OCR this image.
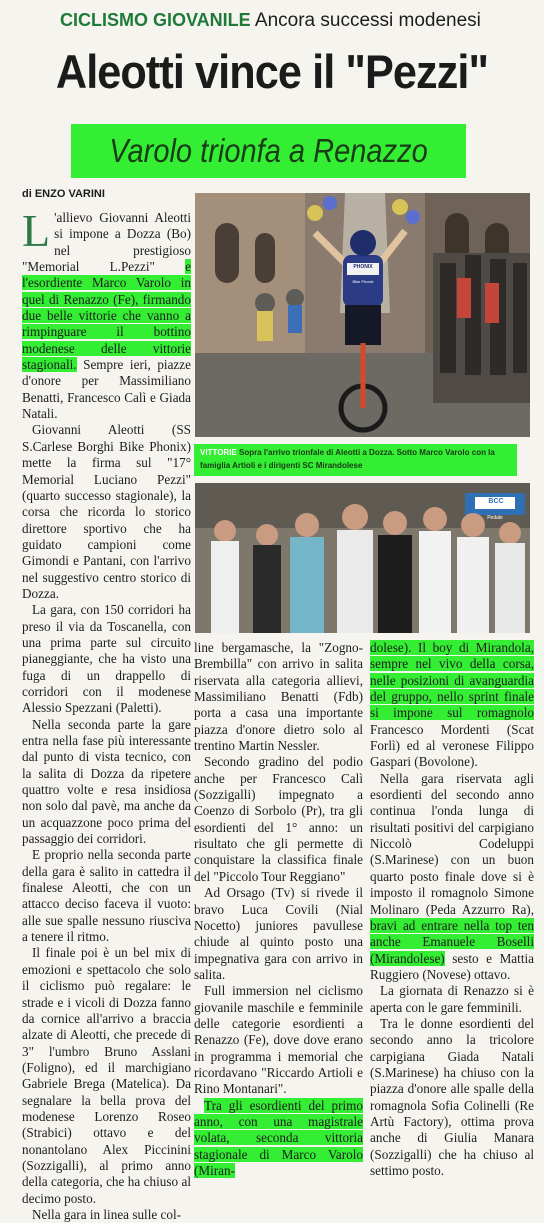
CICLISMO GIOVANILE Ancora successi modenesi
Aleotti vince il "Pezzi"
Varolo trionfa a Renazzo
di ENZO VARINI

L 'allievo Giovanni Aleotti si impone a Dozza (Bo) nel prestigioso "Memorial L.Pezzi" e l'esordiente Marco Varolo in quel di Renazzo (Fe), firmando due belle vittorie che vanno a rimpinguare il bottino modenese delle vittorie stagionali. Sempre ieri, piazze d'onore per Massimiliano Benatti, Francesco Calì e Giada Natali.

Giovanni Aleotti (SS S.Carlese Borghi Bike Phonix) mette la firma sul "17° Memorial Luciano Pezzi" (quarto successo stagionale), la corsa che ricorda lo storico direttore sportivo che ha guidato campioni come Gimondi e Pantani, con l'arrivo nel suggestivo centro storico di Dozza.

La gara, con 150 corridori ha preso il via da Toscanella, con una prima parte sul circuito pianeggiante, che ha visto una fuga di un drappello di corridori con il modenese Alessio Spezzani (Paletti).

Nella seconda parte la gare entra nella fase più interessante dal punto di vista tecnico, con la salita di Dozza da ripetere quattro volte e resa insidiosa non solo dal pavè, ma anche da un acquazzone poco prima del passaggio dei corridori.

E proprio nella seconda parte della gara è salito in cattedra il finalese Aleotti, che con un attacco deciso faceva il vuoto: alle sue spalle nessuno riusciva a tenere il ritmo.

Il finale poi è un bel mix di emozioni e spettacolo che solo il ciclismo può regalare: le strade e i vicoli di Dozza fanno da cornice all'arrivo a braccia alzate di Aleotti, che precede di 3" l'umbro Bruno Asslani (Foligno), ed il marchigiano Gabriele Brega (Matelica). Da segnalare la bella prova del modenese Lorenzo Roseo (Strabici) ottavo e del nonantolano Alex Piccinini (Sozzigalli), al primo anno della categoria, che ha chiuso al decimo posto.

Nella gara in linea sulle col-

PHONIX
Bike Phonix
VITTORIE Sopra l'arrivo trionfale di Aleotti a Dozza. Sotto Marco Varolo con la famiglia Artioli e i dirigenti SC Mirandolese
BCC
Pedale

line bergamasche, la "Zogno-Brembilla" con arrivo in salita riservata alla categoria allievi, Massimiliano Benatti (Fdb) porta a casa una importante piazza d'onore dietro solo al trentino Martin Nessler.

Secondo gradino del podio anche per Francesco Calì (Sozzigalli) impegnato a Coenzo di Sorbolo (Pr), tra gli esordienti del 1° anno: un risultato che gli permette di conquistare la classifica finale del "Piccolo Tour Reggiano"

Ad Orsago (Tv) si rivede il bravo Luca Covili (Nial Nocetto) juniores pavullese chiude al quinto posto una impegnativa gara con arrivo in salita.

Full immersion nel ciclismo giovanile maschile e femminile delle categorie esordienti a Renazzo (Fe), dove dove erano in programma i memorial che ricordavano "Riccardo Artioli e Rino Montanari".

Tra gli esordienti del primo anno, con una magistrale volata, seconda vittoria stagionale di Marco Varolo (Miran-

dolese). Il boy di Mirandola, sempre nel vivo della corsa, nelle posizioni di avanguardia del gruppo, nello sprint finale si impone sul romagnolo Francesco Mordenti (Scat Forlì) ed al veronese Filippo Gaspari (Bovolone).

Nella gara riservata agli esordienti del secondo anno continua l'onda lunga di risultati positivi del carpigiano Niccolò Codeluppi (S.Marinese) con un buon quarto posto finale dove si è imposto il romagnolo Simone Molinaro (Peda Azzurro Ra), bravi ad entrare nella top ten anche Emanuele Boselli (Mirandolese) sesto e Mattia Ruggiero (Novese) ottavo.

La giornata di Renazzo si è aperta con le gare femminili.

Tra le donne esordienti del secondo anno la tricolore carpigiana Giada Natali (S.Marinese) ha chiuso con la piazza d'onore alle spalle della romagnola Sofia Colinelli (Re Artù Factory), ottima prova anche di Giulia Manara (Sozzigalli) che ha chiuso al settimo posto.
